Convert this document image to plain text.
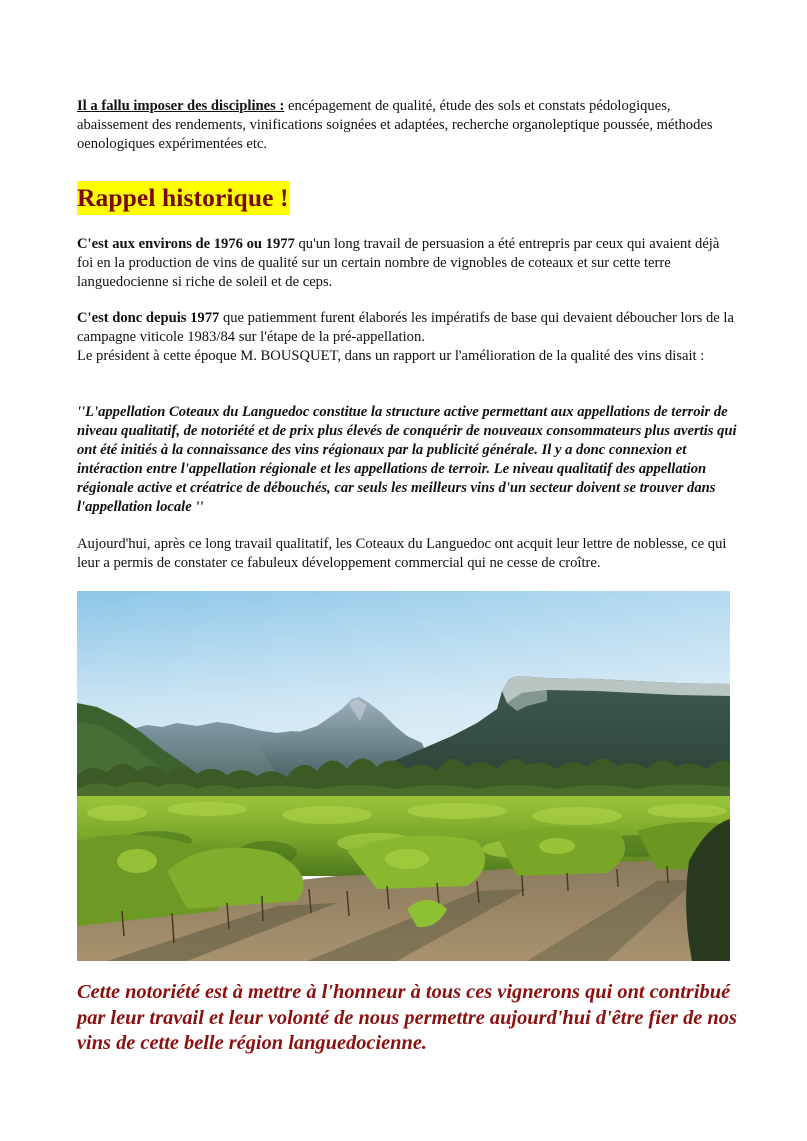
Il a fallu imposer des disciplines : encépagement de qualité, étude des sols et constats pédologiques, abaissement des rendements, vinifications soignées et adaptées, recherche organoleptique poussée, méthodes oenologiques expérimentées etc.

Rappel historique !

C'est aux environs de 1976 ou 1977 qu'un long travail de persuasion a été entrepris par ceux qui avaient déjà foi en la production de vins de qualité sur un certain nombre de vignobles de coteaux et sur cette terre languedocienne si riche de soleil et de ceps.

C'est donc depuis 1977 que patiemment furent élaborés les impératifs de base qui devaient déboucher lors de la campagne viticole 1983/84 sur l'étape de la pré-appellation.
Le président à cette époque M. BOUSQUET, dans un rapport ur l'amélioration de la qualité des vins disait :

''L'appellation Coteaux du Languedoc constitue la structure active permettant aux appellations de terroir de niveau qualitatif, de notoriété et de prix plus élevés de conquérir de nouveaux consommateurs plus avertis qui ont été initiés à la connaissance des vins régionaux par la publicité générale. Il y a donc connexion et intéraction entre l'appellation régionale et les appellations de terroir. Le niveau qualitatif des appellation régionale active et créatrice de débouchés, car seuls les meilleurs vins d'un secteur doivent se trouver dans l'appellation locale ''

Aujourd'hui, après ce long travail qualitatif, les Coteaux du Languedoc ont acquit leur lettre de noblesse, ce qui leur a permis de constater ce fabuleux développement commercial qui ne cesse de croître.

Cette notoriété est à mettre à l'honneur à tous ces vignerons qui ont contribué par leur travail et leur volonté de nous permettre aujourd'hui d'être fier de nos vins de cette belle région languedocienne.
